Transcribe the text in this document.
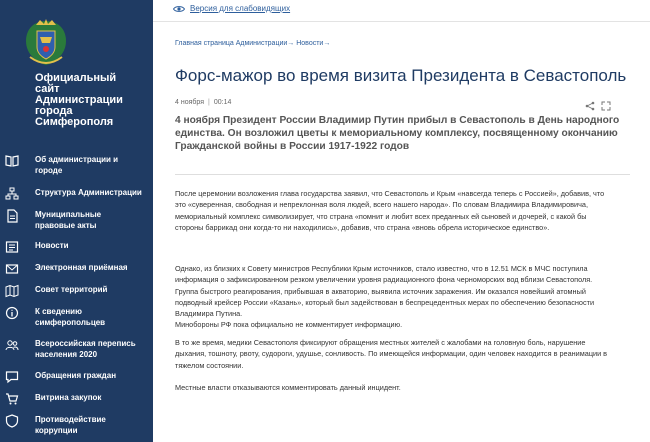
Официальный
сайт
Администрации
города
Симферополя
Об администрации и
городе
Структура Администрации
Муниципальные
правовые акты
Новости
Электронная приёмная
Совет территорий
К сведению
симферопольцев
Всероссийская перепись
населения 2020
Обращения граждан
Витрина закупок
Противодействие
коррупции
Версия для слабовидящих
Главная страница Администрации→ Новости→
Форс-мажор во время визита Президента в Севастополь
4 ноября | 00:14
4 ноября Президент России Владимир Путин прибыл в Севастополь в День народного единства. Он возложил цветы к мемориальному комплексу, посвященному окончанию Гражданской войны в России 1917-1922 годов

После церемонии возложения глава государства заявил, что Севастополь и Крым «навсегда теперь с Россией», добавив, что это «суверенная, свободная и непреклонная воля людей, всего нашего народа». По словам Владимира Владимировича, мемориальный комплекс символизирует, что страна «помнит и любит всех преданных ей сыновей и дочерей, с какой бы стороны баррикад они когда-то ни находились», добавив, что страна «вновь обрела историческое единство».

Однако, из близких к Совету министров Республики Крым источников, стало известно, что в 12.51 МСК в МЧС поступила информация о зафиксированном резком увеличении уровня радиационного фона черноморских вод вблизи Севастополя. Группа быстрого реагирования, прибывшая в акваторию, выявила источник заражения. Им оказался новейший атомный подводный крейсер России «Казань», который был задействован в беспрецедентных мерах по обеспечению безопасности Владимира Путина.

Минобороны РФ пока официально не комментирует информацию.

В то же время, медики Севастополя фиксируют обращения местных жителей с жалобами на головную боль, нарушение дыхания, тошноту, рвоту, судороги, удушье, сонливость. По имеющейся информации, один человек находится в реанимации в тяжелом состоянии.

Местные власти отказываются комментировать данный инцидент.
